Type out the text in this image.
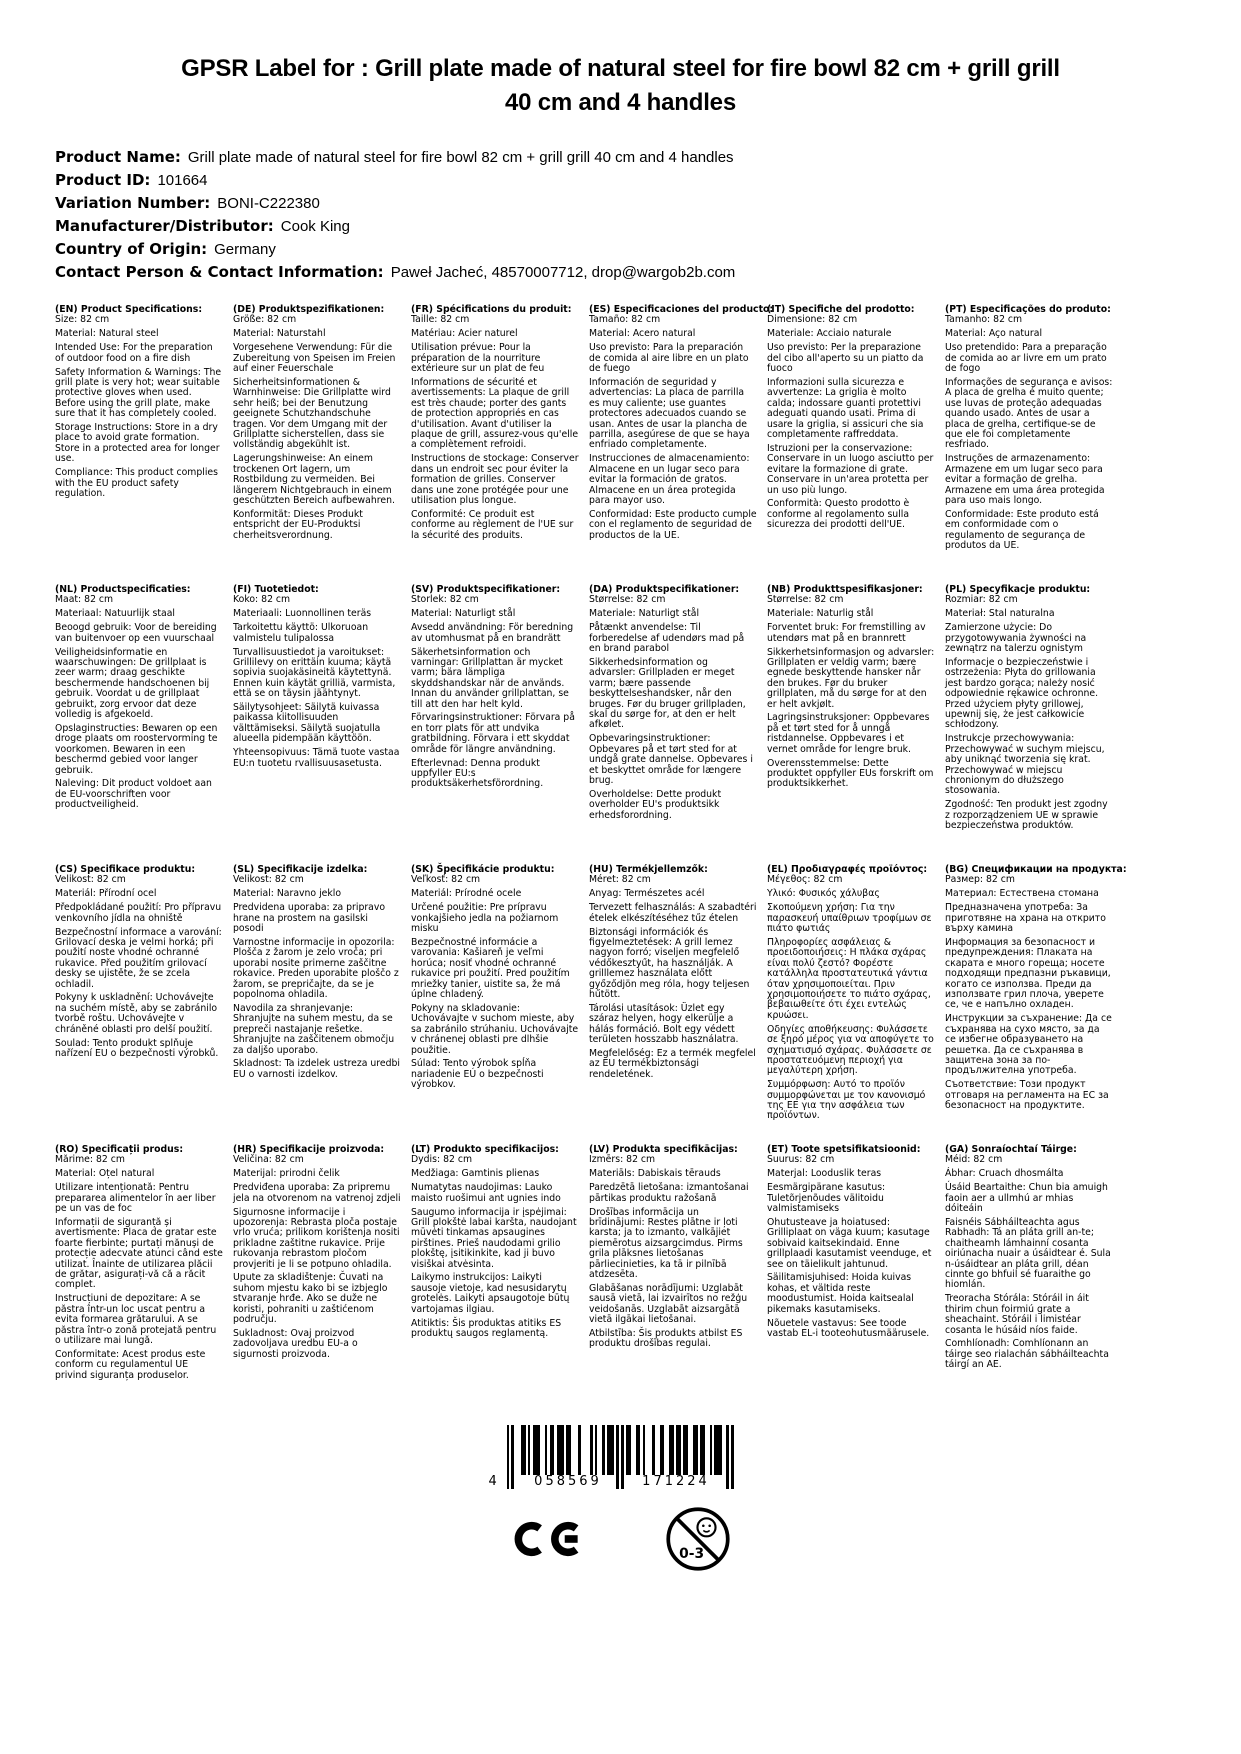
GPSR Label for : Grill plate made of natural steel for fire bowl 82 cm + grill grill 40 cm and 4 handles
Product Name: Grill plate made of natural steel for fire bowl 82 cm + grill grill 40 cm and 4 handles
Product ID: 101664
Variation Number: BONI-C222380
Manufacturer/Distributor: Cook King
Country of Origin: Germany
Contact Person & Contact Information: Paweł Jacheć, 48570007712, drop@wargob2b.com
(EN) Product Specifications:

Size: 82 cm

Material: Natural steel

Intended Use: For the preparation of outdoor food on a fire dish

Safety Information & Warnings: The grill plate is very hot; wear suitable protective gloves when used. Before using the grill plate, make sure that it has completely cooled.

Storage Instructions: Store in a dry place to avoid grate formation. Store in a protected area for longer use.

Compliance: This product complies with the EU product safety regulation.

(DE) Produktspezifikationen:

Größe: 82 cm

Material: Naturstahl

Vorgesehene Verwendung: Für die Zubereitung von Speisen im Freien auf einer Feuerschale

Sicherheitsinformationen & Warnhinweise: Die Grillplatte wird sehr heiß; bei der Benutzung geeignete Schutzhandschuhe tragen. Vor dem Umgang mit der Grillplatte sicherstellen, dass sie vollständig abgekühlt ist.

Lagerungshinweise: An einem trockenen Ort lagern, um Rostbildung zu vermeiden. Bei längerem Nichtgebrauch in einem geschützten Bereich aufbewahren.

Konformität: Dieses Produkt entspricht der EU-Produktsi cherheitsverordnung.

(FR) Spécifications du produit:

Taille: 82 cm

Matériau: Acier naturel

Utilisation prévue: Pour la préparation de la nourriture extérieure sur un plat de feu

Informations de sécurité et avertissements: La plaque de grill est très chaude; porter des gants de protection appropriés en cas d'utilisation. Avant d'utiliser la plaque de grill, assurez-vous qu'elle a complètement refroidi.

Instructions de stockage: Conserver dans un endroit sec pour éviter la formation de grilles. Conserver dans une zone protégée pour une utilisation plus longue.

Conformité: Ce produit est conforme au règlement de l'UE sur la sécurité des produits.

(ES) Especificaciones del producto:

Tamaño: 82 cm

Material: Acero natural

Uso previsto: Para la preparación de comida al aire libre en un plato de fuego

Información de seguridad y advertencias: La placa de parrilla es muy caliente; use guantes protectores adecuados cuando se usan. Antes de usar la plancha de parrilla, asegúrese de que se haya enfriado completamente.

Instrucciones de almacenamiento: Almacene en un lugar seco para evitar la formación de gratos. Almacene en un área protegida para mayor uso.

Conformidad: Este producto cumple con el reglamento de seguridad de productos de la UE.

(IT) Specifiche del prodotto:

Dimensione: 82 cm

Materiale: Acciaio naturale

Uso previsto: Per la preparazione del cibo all'aperto su un piatto da fuoco

Informazioni sulla sicurezza e avvertenze: La griglia è molto calda; indossare guanti protettivi adeguati quando usati. Prima di usare la griglia, si assicuri che sia completamente raffreddata.

Istruzioni per la conservazione: Conservare in un luogo asciutto per evitare la formazione di grate. Conservare in un'area protetta per un uso più lungo.

Conformità: Questo prodotto è conforme al regolamento sulla sicurezza dei prodotti dell'UE.

(PT) Especificações do produto:

Tamanho: 82 cm

Material: Aço natural

Uso pretendido: Para a preparação de comida ao ar livre em um prato de fogo

Informações de segurança e avisos: A placa de grelha é muito quente; use luvas de proteção adequadas quando usado. Antes de usar a placa de grelha, certifique-se de que ele foi completamente resfriado.

Instruções de armazenamento: Armazene em um lugar seco para evitar a formação de grelha. Armazene em uma área protegida para uso mais longo.

Conformidade: Este produto está em conformidade com o regulamento de segurança de produtos da UE.

(NL) Productspecificaties:

Maat: 82 cm

Materiaal: Natuurlijk staal

Beoogd gebruik: Voor de bereiding van buitenvoer op een vuurschaal

Veiligheidsinformatie en waarschuwingen: De grillplaat is zeer warm; draag geschikte beschermende handschoenen bij gebruik. Voordat u de grillplaat gebruikt, zorg ervoor dat deze volledig is afgekoeld.

Opslaginstructies: Bewaren op een droge plaats om roostervorming te voorkomen. Bewaren in een beschermd gebied voor langer gebruik.

Naleving: Dit product voldoet aan de EU-voorschriften voor productveiligheid.

(FI) Tuotetiedot:

Koko: 82 cm

Materiaali: Luonnollinen teräs

Tarkoitettu käyttö: Ulkoruoan valmistelu tulipalossa

Turvallisuustiedot ja varoitukset: Grillilevy on erittäin kuuma; käytä sopivia suojakäsineitä käytettynä. Ennen kuin käytät grilliä, varmista, että se on täysin jäähtynyt.

Säilytysohjeet: Säilytä kuivassa paikassa kiitollisuuden välttämiseksi. Säilytä suojatulla alueella pidempään käyttöön.

Yhteensopivuus: Tämä tuote vastaa EU:n tuotetu rvallisuusasetusta.

(SV) Produktspecifikationer:

Storlek: 82 cm

Material: Naturligt stål

Avsedd användning: För beredning av utomhusmat på en brandrätt

Säkerhetsinformation och varningar: Grillplattan är mycket varm; bära lämpliga skyddshandskar när de används. Innan du använder grillplattan, se till att den har helt kyld.

Förvaringsinstruktioner: Förvara på en torr plats för att undvika gratbildning. Förvara i ett skyddat område för längre användning.

Efterlevnad: Denna produkt uppfyller EU:s produktsäkerhetsförordning.

(DA) Produktspecifikationer:

Størrelse: 82 cm

Materiale: Naturligt stål

Påtænkt anvendelse: Til forberedelse af udendørs mad på en brand parabol

Sikkerhedsinformation og advarsler: Grillpladen er meget varm; bære passende beskyttelseshandsker, når den bruges. Før du bruger grillpladen, skal du sørge for, at den er helt afkølet.

Opbevaringsinstruktioner: Opbevares på et tørt sted for at undgå grate dannelse. Opbevares i et beskyttet område for længere brug.

Overholdelse: Dette produkt overholder EU's produktsikk erhedsforordning.

(NB) Produkttspesifikasjoner:

Størrelse: 82 cm

Materiale: Naturlig stål

Forventet bruk: For fremstilling av utendørs mat på en brannrett

Sikkerhetsinformasjon og advarsler: Grillplaten er veldig varm; bære egnede beskyttende hansker når den brukes. Før du bruker grillplaten, må du sørge for at den er helt avkjølt.

Lagringsinstruksjoner: Oppbevares på et tørt sted for å unngå ristdannelse. Oppbevares i et vernet område for lengre bruk.

Overensstemmelse: Dette produktet oppfyller EUs forskrift om produktsikkerhet.

(PL) Specyfikacje produktu:

Rozmiar: 82 cm

Materiał: Stal naturalna

Zamierzone użycie: Do przygotowywania żywności na zewnątrz na talerzu ognistym

Informacje o bezpieczeństwie i ostrzeżenia: Płyta do grillowania jest bardzo gorąca; należy nosić odpowiednie rękawice ochronne. Przed użyciem płyty grillowej, upewnij się, że jest całkowicie schłodzony.

Instrukcje przechowywania: Przechowywać w suchym miejscu, aby uniknąć tworzenia się krat. Przechowywać w miejscu chronionym do dłuższego stosowania.

Zgodność: Ten produkt jest zgodny z rozporządzeniem UE w sprawie bezpieczeństwa produktów.

(CS) Specifikace produktu:

Velikost: 82 cm

Materiál: Přírodní ocel

Předpokládané použití: Pro přípravu venkovního jídla na ohniště

Bezpečnostní informace a varování: Grilovací deska je velmi horká; při použití noste vhodné ochranné rukavice. Před použitím grilovací desky se ujistěte, že se zcela ochladil.

Pokyny k uskladnění: Uchovávejte na suchém místě, aby se zabránilo tvorbě roštu. Uchovávejte v chráněné oblasti pro delší použití.

Soulad: Tento produkt splňuje nařízení EU o bezpečnosti výrobků.

(SL) Specifikacije izdelka:

Velikost: 82 cm

Material: Naravno jeklo

Predvidena uporaba: za pripravo hrane na prostem na gasilski posodi

Varnostne informacije in opozorila: Plošča z žarom je zelo vroča; pri uporabi nosite primerne zaščitne rokavice. Preden uporabite ploščo z žarom, se prepričajte, da se je popolnoma ohladila.

Navodila za shranjevanje: Shranjujte na suhem mestu, da se prepreči nastajanje rešetke. Shranjujte na zaščitenem območju za daljšo uporabo.

Skladnost: Ta izdelek ustreza uredbi EU o varnosti izdelkov.

(SK) Špecifikácie produktu:

Veľkosť: 82 cm

Materiál: Prírodné ocele

Určené použitie: Pre prípravu vonkajšieho jedla na požiarnom misku

Bezpečnostné informácie a varovania: Kašiareň je veľmi horúca; nosiť vhodné ochranné rukavice pri použití. Pred použitím mriežky tanier, uistite sa, že má úplne chladený.

Pokyny na skladovanie: Uchovávajte v suchom mieste, aby sa zabránilo strúhaniu. Uchovávajte v chránenej oblasti pre dlhšie použitie.

Súlad: Tento výrobok spĺňa nariadenie EÚ o bezpečnosti výrobkov.

(HU) Termékjellemzők:

Méret: 82 cm

Anyag: Természetes acél

Tervezett felhasználás: A szabadtéri ételek elkészítéséhez tűz ételen

Biztonsági információk és figyelmeztetések: A grill lemez nagyon forró; viseljen megfelelő védőkesztyűt, ha használják. A grilllemez használata előtt győződjön meg róla, hogy teljesen hűtött.

Tárolási utasítások: Üzlet egy száraz helyen, hogy elkerülje a hálás formáció. Bolt egy védett területen hosszabb használatra.

Megfelelőség: Ez a termék megfelel az EU termékbiztonsági rendeletének.

(EL) Προδιαγραφές προϊόντος:

Μέγεθος: 82 cm

Υλικό: Φυσικός χάλυβας

Σκοπούμενη χρήση: Για την παρασκευή υπαίθριων τροφίμων σε πιάτο φωτιάς

Πληροφορίες ασφάλειας & προειδοποιήσεις: Η πλάκα σχάρας είναι πολύ ζεστό? Φορέστε κατάλληλα προστατευτικά γάντια όταν χρησιμοποιείται. Πριν χρησιμοποιήσετε το πιάτο σχάρας, βεβαιωθείτε ότι έχει εντελώς κρυώσει.

Οδηγίες αποθήκευσης: Φυλάσσετε σε ξηρό μέρος για να αποφύγετε το σχηματισμό σχάρας. Φυλάσσετε σε προστατευόμενη περιοχή για μεγαλύτερη χρήση.

Συμμόρφωση: Αυτό το προϊόν συμμορφώνεται με τον κανονισμό της ΕΕ για την ασφάλεια των προϊόντων.

(BG) Спецификации на продукта:

Размер: 82 cm

Материал: Естествена стомана

Предназначена употреба: За приготвяне на храна на открито върху камина

Информация за безопасност и предупреждения: Плаката на скарата е много гореща; носете подходящи предпазни ръкавици, когато се използва. Преди да използвате грил плоча, уверете се, че е напълно охладен.

Инструкции за съхранение: Да се съхранява на сухо място, за да се избегне образуването на решетка. Да се съхранява в защитена зона за по-продължителна употреба.

Съответствие: Този продукт отговаря на регламента на ЕС за безопасност на продуктите.

(RO) Specificații produs:

Mărime: 82 cm

Material: Oțel natural

Utilizare intenționată: Pentru prepararea alimentelor în aer liber pe un vas de foc

Informații de siguranță și avertismente: Placa de gratar este foarte fierbinte; purtați mănuși de protecție adecvate atunci când este utilizat. Înainte de utilizarea plăcii de grătar, asigurați-vă că a răcit complet.

Instrucțiuni de depozitare: A se păstra într-un loc uscat pentru a evita formarea grătarului. A se păstra într-o zonă protejată pentru o utilizare mai lungă.

Conformitate: Acest produs este conform cu regulamentul UE privind siguranța produselor.

(HR) Specifikacije proizvoda:

Veličina: 82 cm

Materijal: prirodni čelik

Predviđena uporaba: Za pripremu jela na otvorenom na vatrenoj zdjeli

Sigurnosne informacije i upozorenja: Rebrasta ploča postaje vrlo vruća; prilikom korištenja nositi prikladne zaštitne rukavice. Prije rukovanja rebrastom pločom provjeriti je li se potpuno ohladila.

Upute za skladištenje: Čuvati na suhom mjestu kako bi se izbjeglo stvaranje hrđe. Ako se duže ne koristi, pohraniti u zaštićenom području.

Sukladnost: Ovaj proizvod zadovoljava uredbu EU-a o sigurnosti proizvoda.

(LT) Produkto specifikacijos:

Dydis: 82 cm

Medžiaga: Gamtinis plienas

Numatytas naudojimas: Lauko maisto ruošimui ant ugnies indo

Saugumo informacija ir įspėjimai: Grill plokštė labai karšta, naudojant mūvėti tinkamas apsaugines pirštines. Prieš naudodami grilio plokštę, įsitikinkite, kad ji buvo visiškai atvėsinta.

Laikymo instrukcijos: Laikyti sausoje vietoje, kad nesusidarytų grotelės. Laikyti apsaugotoje būtų vartojamas ilgiau.

Atitiktis: Šis produktas atitiks ES produktų saugos reglamentą.

(LV) Produkta specifikācijas:

Izmērs: 82 cm

Materiāls: Dabiskais tērauds

Paredzētā lietošana: izmantošanai pārtikas produktu ražošanā

Drošības informācija un brīdinājumi: Restes plātne ir ļoti karsta; ja to izmanto, valkājiet piemērotus aizsargcimdus. Pirms grila plāksnes lietošanas pārliecinieties, ka tā ir pilnībā atdzesēta.

Glabāšanas norādījumi: Uzglabāt sausā vietā, lai izvairītos no režģu veidošanās. Uzglabāt aizsargātā vietā ilgākai lietošanai.

Atbilstība: Šis produkts atbilst ES produktu drošības regulai.

(ET) Toote spetsifikatsioonid:

Suurus: 82 cm

Materjal: Looduslik teras

Eesmärgipärane kasutus: Tuletõrjenõudes välitoidu valmistamiseks

Ohutusteave ja hoiatused: Grilliplaat on väga kuum; kasutage sobivaid kaitsekindaid. Enne grillplaadi kasutamist veenduge, et see on täielikult jahtunud.

Säilitamisjuhised: Hoida kuivas kohas, et vältida reste moodustumist. Hoida kaitsealal pikemaks kasutamiseks.

Nõuetele vastavus: See toode vastab EL-i tooteohutusmäärusele.

(GA) Sonraíochtaí Táirge:

Méid: 82 cm

Ábhar: Cruach dhosmálta

Úsáid Beartaithe: Chun bia amuigh faoin aer a ullmhú ar mhias dóiteáin

Faisnéis Sábháilteachta agus Rabhadh: Tá an pláta grill an-te; chaitheamh lámhainní cosanta oiriúnacha nuair a úsáidtear é. Sula n-úsáidtear an pláta grill, déan cinnte go bhfuil sé fuaraithe go hiomlán.

Treoracha Stórála: Stóráil in áit thirim chun foirmiú grate a sheachaint. Stóráil i limistéar cosanta le húsáid níos faide.

Comhlíonadh: Comhlíonann an táirge seo rialachán sábháilteachta táirgí an AE.

4	058569	171224
0-3
